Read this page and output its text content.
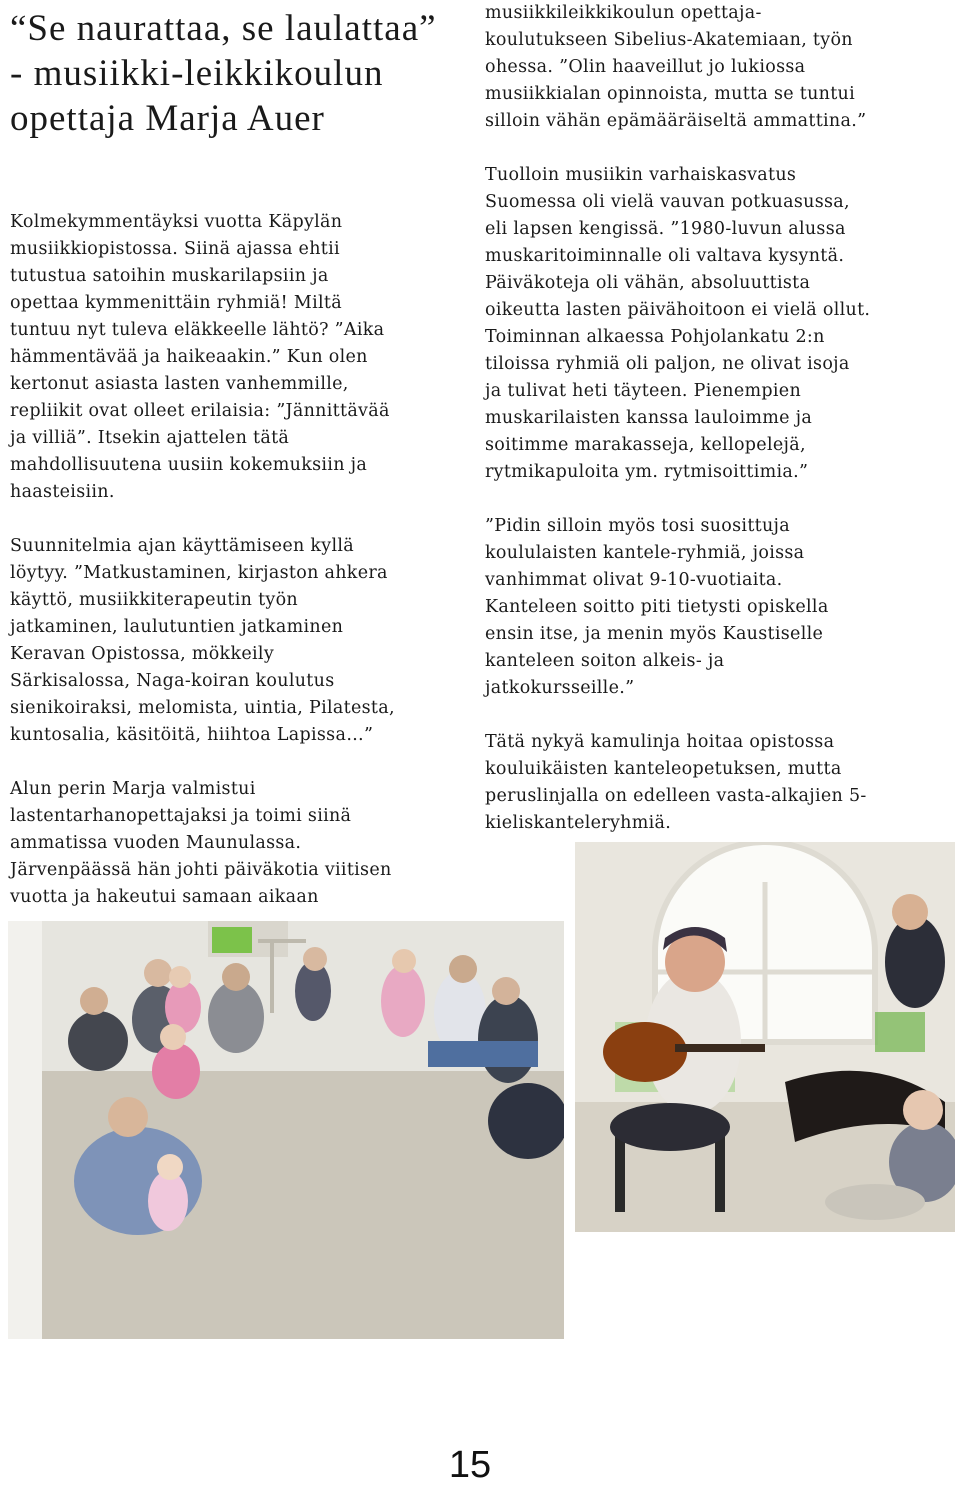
“Se naurattaa, se laulattaa” - musiikki-leikkikoulun opettaja Marja Auer

Kolmekymmentäyksi vuotta Käpylän
musiikkiopistossa. Siinä ajassa ehtii
tutustua satoihin muskarilapsiin ja
opettaa kymmenittäin ryhmiä! Miltä
tuntuu nyt tuleva eläkkeelle lähtö? ”Aika
hämmentävää ja haikeaakin.” Kun olen
kertonut asiasta lasten vanhemmille,
repliikit ovat olleet erilaisia: ”Jännittävää
ja villiä”. Itsekin ajattelen tätä
mahdollisuutena uusiin kokemuksiin ja
haasteisiin.

Suunnitelmia ajan käyttämiseen kyllä
löytyy. ”Matkustaminen, kirjaston ahkera
käyttö, musiikkiterapeutin työn
jatkaminen, laulutuntien jatkaminen
Keravan Opistossa, mökkeily
Särkisalossa, Naga-koiran koulutus
sienikoiraksi, melomista, uintia, Pilatesta,
kuntosalia, käsitöitä, hiihtoa Lapissa…”

Alun perin Marja valmistui
lastentarhanopettajaksi ja toimi siinä
ammatissa vuoden Maunulassa.
Järvenpäässä hän johti päiväkotia viitisen
vuotta ja hakeutui samaan aikaan

musiikkileikkikoulun opettaja-
koulutukseen Sibelius-Akatemiaan, työn
ohessa. ”Olin haaveillut jo lukiossa
musiikkialan opinnoista, mutta se tuntui
silloin vähän epämääräiseltä ammattina.”

Tuolloin musiikin varhaiskasvatus
Suomessa oli vielä vauvan potkuasussa,
eli lapsen kengissä. ”1980-luvun alussa
muskaritoiminnalle oli valtava kysyntä.
Päiväkoteja oli vähän, absoluuttista
oikeutta lasten päivähoitoon ei vielä ollut.
Toiminnan alkaessa Pohjolankatu 2:n
tiloissa ryhmiä oli paljon, ne olivat isoja
ja tulivat heti täyteen. Pienempien
muskarilaisten kanssa lauloimme ja
soitimme marakasseja, kellopelejä,
rytmikapuloita ym. rytmisoittimia.”

”Pidin silloin myös tosi suosittuja
koululaisten kantele-ryhmiä, joissa
vanhimmat olivat 9-10-vuotiaita.
Kanteleen soitto piti tietysti opiskella
ensin itse, ja menin myös Kaustiselle
kanteleen soiton alkeis- ja
jatkokursseille.”

Tätä nykyä kamulinja hoitaa opistossa
kouluikäisten kanteleopetuksen, mutta
peruslinjalla on edelleen vasta-alkajien 5-
kieliskanteleryhmiä.

15
